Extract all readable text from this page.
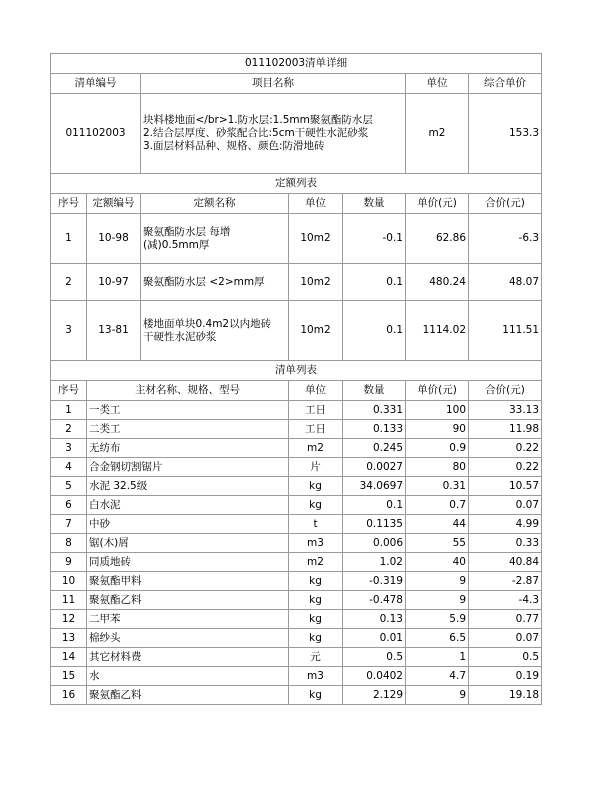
011102003清单详细						
清单编号		项目名称			单位	综合单价
011102003		块料楼地面</br>1.防水层:1.5mm聚氨酯防水层
2.结合层厚度、砂浆配合比:5cm干硬性水泥砂浆
3.面层材料品种、规格、颜色:防滑地砖			m2	153.3
定额列表						
序号	定额编号	定额名称	单位	数量	单价(元)	合价(元)
1	10-98	聚氨酯防水层 每增
(减)0.5mm厚	10m2	-0.1	62.86	-6.3
2	10-97	聚氨酯防水层 <2>mm厚	10m2	0.1	480.24	48.07
3	13-81	楼地面单块0.4m2以内地砖
干硬性水泥砂浆	10m2	0.1	1114.02	111.51
清单列表						
序号	主材名称、规格、型号		单位	数量	单价(元)	合价(元)
1	一类工		工日	0.331	100	33.13
2	二类工		工日	0.133	90	11.98
3	无纺布		m2	0.245	0.9	0.22
4	合金钢切割锯片		片	0.0027	80	0.22
5	水泥 32.5级		kg	34.0697	0.31	10.57
6	白水泥		kg	0.1	0.7	0.07
7	中砂		t	0.1135	44	4.99
8	锯(木)屑		m3	0.006	55	0.33
9	同质地砖		m2	1.02	40	40.84
10	聚氨酯甲料		kg	-0.319	9	-2.87
11	聚氨酯乙料		kg	-0.478	9	-4.3
12	二甲苯		kg	0.13	5.9	0.77
13	棉纱头		kg	0.01	6.5	0.07
14	其它材料费		元	0.5	1	0.5
15	水		m3	0.0402	4.7	0.19
16	聚氨酯乙料		kg	2.129	9	19.18
